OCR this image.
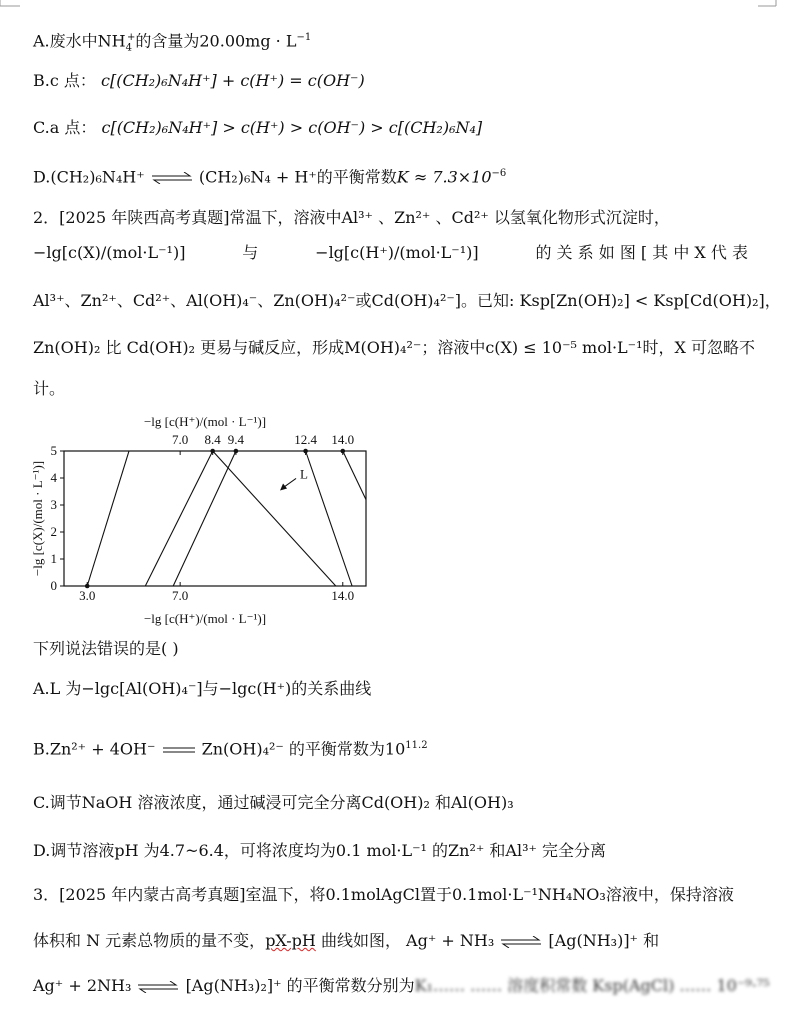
A.废水中$NH_4^+$的含量为$20.00mg \cdot L^{-1}$
B.c 点： c[(CH₂)₆N₄H⁺] + c(H⁺) = c(OH⁻)
C.a 点： c[(CH₂)₆N₄H⁺] > c(H⁺) > c(OH⁻) > c[(CH₂)₆N₄]
D.(CH₂)₆N₄H⁺ ⇌ (CH₂)₆N₄ + H⁺的平衡常数$K \approx 7.3\times 10^{-6}$
2．[2025 年陕西高考真题]常温下，溶液中Al³⁺ 、Zn²⁺ 、Cd²⁺ 以氢氧化物形式沉淀时，
−lg[c(X)/(mol·L⁻¹)]	与	−lg[c(H⁺)/(mol·L⁻¹)]	的 关 系 如 图 [ 其 中 X 代 表
Al³⁺、Zn²⁺、Cd²⁺、Al(OH)₄⁻、Zn(OH)₄²⁻或Cd(OH)₄²⁻]。已知: Ksp[Zn(OH)₂] < Ksp[Cd(OH)₂]，
Zn(OH)₂ 比 Cd(OH)₂ 更易与碱反应，形成M(OH)₄²⁻；溶液中c(X) ≤ 10⁻⁵ mol·L⁻¹时，X 可忽略不
计。
0
1
2
3
4
5
3.0	7.0	14.0
7.0 8.4 9.4	12.4 14.0
−lg [c(H⁺)/(mol · L⁻¹)]
−lg [c(H⁺)/(mol · L⁻¹)]
−lg [c(X)/(mol · L⁻¹)]	L
下列说法错误的是( )
A.L 为−lgc[Al(OH)₄⁻]与−lgc(H⁺)的关系曲线
B.Zn²⁺ + 4OH⁻	Zn(OH)₄²⁻ 的平衡常数为$10^{11.2}$
C.调节NaOH 溶液浓度，通过碱浸可完全分离Cd(OH)₂ 和Al(OH)₃
D.调节溶液pH 为4.7~6.4，可将浓度均为0.1 mol·L⁻¹ 的Zn²⁺ 和Al³⁺ 完全分离
3．[2025 年内蒙古高考真题]室温下，将0.1molAgCl置于0.1mol·L⁻¹NH₄NO₃溶液中，保持溶液
体积和 N 元素总物质的量不变，pX-pH 曲线如图， Ag⁺ + NH₃ ⇌ [Ag(NH₃)]⁺ 和
Ag⁺ + 2NH₃ ⇌ [Ag(NH₃)₂]⁺ 的平衡常数分别为K₁…… …… 溶度积常数 Ksp(AgCl) …… 10⁻⁹·⁷⁵
